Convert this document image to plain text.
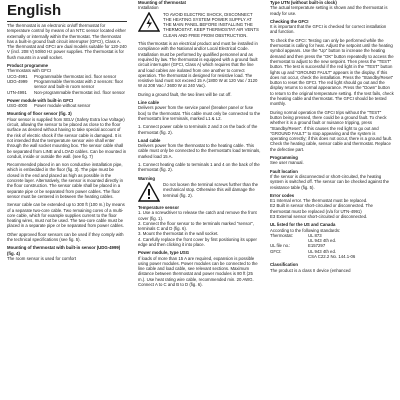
English
The thermostat is an electronic on/off thermostat for temperature control by means of an NTC sensor located either externally or internally within the thermostat. The thermostat has a built-in ground fault circuit interrupter (GFCI), Class A. The thermostat and GFCI are dual models suitable for 120-240 V (incl. 208 V) 50/60 Hz power supplies. The thermostat is for flush mounts in a wall socket.
Product programme
Thermostats with GFCI
UCG-4991	Programmable thermostat incl. floor sensor
UDG-4999	Programmable thermostat with 2 sensors: floor sensor and built-in room sensor
UTN-4991	Non-programmable thermostat incl. floor sensor
Power module with built-in GFCI
USG-4000	Power module without sensor
Mounting of floor sensor (fig. 3)
Floor sensor is supplied from SELV (Safety Extra low Voltage) circuit, allowing the sensor to be placed as close to the floor surface as desired without having to take special account of the risk of electric shock if the sensor cable is damaged. It is not intended that the temperature sensor wire shall enter through the wall socket mounting box. The sensor cable shall be separated from LINE and LOAD cables. Can be mounted in conduit, inside or outside the wall. (see fig. 7)
Recommended placed in an non conductive installation pipe, which is embedded in the floor (fig. 3). The pipe must be closed in the end and placed as high as possible in the concrete layer. Alternatively, the sensor is mounted directly in the floor construction. The sensor cable shall be placed in a separate pipe or be separated from power cables. The floor sensor must be centered in between the heating cables.
Sensor cable can be extended up to 300 ft (100 m.) by means of a separate two-core cable. Two remaining cores of a multi-core cable, which for example supplies current to the floor heating wires, must not be used. The two-core cable must be placed in a separate pipe or be separated from power cables.
Other approved floor sensors can be used if they comply with the technical specifications (see fig. 5).
Mounting of thermostat with built-in sensor (UDG-4999) (fig. 4)
The room sensor is used for comfort
Mounting of thermostat
Installation
TO AVOID ELECTRIC SHOCK, DISCONNECT THE HEATING SYSTEM POWER SUPPLY AT THE MAIN PANEL BEFORE INSTALLING THE THERMOSTAT. KEEP THERMOSTAT AIR VENTS CLEAN AND FREE FROM OBSTRUCTION.
This thermostat is an electrical product and must be installed in compliance with the National and/or Local Electrical Code. Installation must be performed by qualified personnel and as required by law. The thermostat is equipped with a ground fault circuit interrupter (GFCI, Class A) which requires that the line and load cables are isolated from one another to correct operation. The thermostat is designed for resistive load. The resistive load must not exceed 15 A (1800 W at 120 Vac / 3120 W at 208 Vac / 3600 W at 240 Vac).
During a ground fault, the two lines will be cut off.
Line cable
Delivers power from the service panel (breaker panel or fuse box) to the thermostat. This cable must only be connected to the thermostat's line terminals, marked L1 & L2.
1. Connect power cable to terminals 2 and 3 on the back of the thermostat (fig. 2).
Load cable
Delivers power from the thermostat to the heating cable. This cable must only be connected to the thermostat's load terminals, marked load 15 A.
1. Connect heating cable to terminals 1 and 4 on the back of the thermostat (fig. 2).
Warning
Do not loosen the terminal screws further than the mechanical stop. Otherwise this will damage the terminal (fig. 2).
Temperature sensor
1. Use a screwdriver to release the catch and remove the front cover (fig. 1).
2. Connect the floor sensor to the terminals marked "sensor", terminals C and D (fig. 6).
3. Mount the thermostat in the wall socket.
4. Carefully replace the front cover by first positioning its upper edge and then clicking it into place.
Power module, type USG
If loads of more than 15 A are required, expansion is possible using power modules. Power modules can be connected to the line cable and load cable, see relevant sections. Maximum distance between thermostat and power modules is 80 ft (25 m.). Use heat rating wire cable, recommended min. 20 AWG. Connect A to C and B to D (fig. 6).
Type UTN (without built-in clock)
The actual temperature setting is shown and the thermostat is ready for use.
Checking the GFCI
It is important that the GFCI is checked for correct installation and function.
To check the GFCI: Testing can only be performed while the thermostat is calling for heat. Adjust the setpoint until the heating symbol appears. Use the "Up" button to increase the heating demand and then press the "OK" button repeatedly to access the thermostat to adjust to the new setpoint. Then press the "TEST" button. The test is successful if the red light in the "TEST" button lights up and "GROUND FAULT" appears in the display. If this does not occur, check the installation. Press the "Standby/Reset" button to reset the GFCI. The red light should go out and the display returns to normal appearance. Press the "Down" button to return to the original temperature setting. If the test fails, check the heating cable and thermostat. The GFCI should be tested monthly.
During normal operation the GFCI trips without the "TEST" button being pressed, there could be a ground fault. To check whether it is a ground fault or nuisance tripping, press "Standby/Reset". If this causes the red light to go out and "GROUND FAULT" to stop appearing and the system is operating correctly; if this does not occur, there is a ground fault. Check the heating cable, sensor cable and thermostat. Replace the defective part.
Programming
See user manual.
Fault location
If the sensor is disconnected or short-circuited, the heating system is switched off. The sensor can be checked against the resistance table (fig. 5).
Error codes
E1 Internal error. The thermostat must be replaced.
E2 Built in sensor short-circuited or disconnected. The thermostat must be replaced (n/a for UTN-4991)
E3 External sensor short-circuited or disconnected.
UL listed for the US and Canada
According to the following standards:
Thermostat:	UL 873
UL 943 4th ed.
UL file no.:	E157297
GFCI:	UL 943 4th ed.
CSA C22.2 No. 144.1-06
Classification
The product is a class II device (enhanced
